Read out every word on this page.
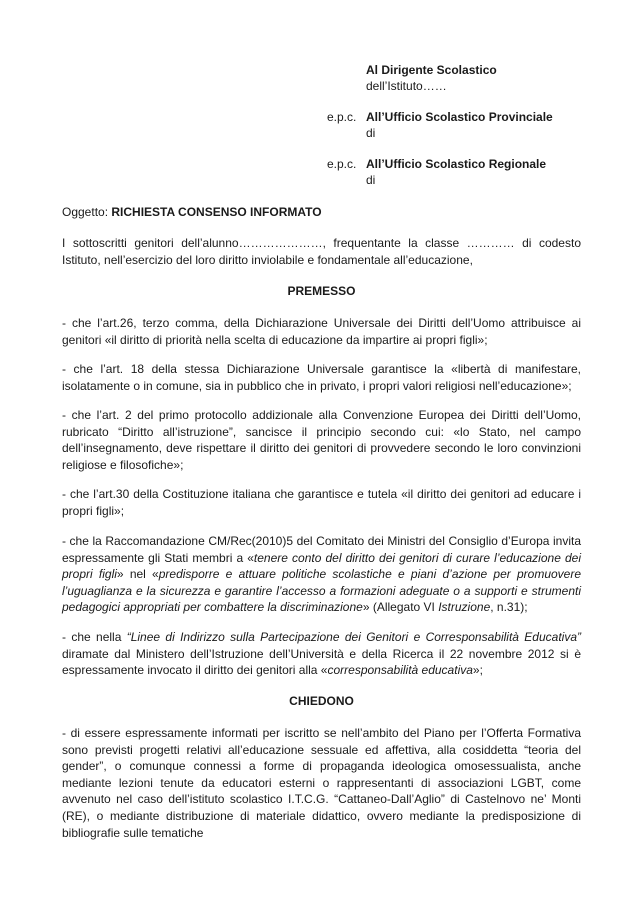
Al Dirigente Scolastico
dell’Istituto……
e.p.c. All’Ufficio Scolastico Provinciale
di
e.p.c. All’Ufficio Scolastico Regionale
di
Oggetto: RICHIESTA CONSENSO INFORMATO
I sottoscritti genitori dell’alunno…………………, frequentante la classe ………… di codesto Istituto, nell’esercizio del loro diritto inviolabile e fondamentale all’educazione,
PREMESSO
- che l’art.26, terzo comma, della Dichiarazione Universale dei Diritti dell’Uomo attribuisce ai genitori «il diritto di priorità nella scelta di educazione da impartire ai propri figli»;
- che l’art. 18 della stessa Dichiarazione Universale garantisce la «libertà di manifestare, isolatamente o in comune, sia in pubblico che in privato, i propri valori religiosi nell’educazione»;
- che l’art. 2 del primo protocollo addizionale alla Convenzione Europea dei Diritti dell’Uomo, rubricato “Diritto all’istruzione”, sancisce il principio secondo cui: «lo Stato, nel campo dell’insegnamento, deve rispettare il diritto dei genitori di provvedere secondo le loro convinzioni religiose e filosofiche»;
- che l’art.30 della Costituzione italiana che garantisce e tutela «il diritto dei genitori ad educare i propri figli»;
- che la Raccomandazione CM/Rec(2010)5 del Comitato dei Ministri del Consiglio d’Europa invita espressamente gli Stati membri a «tenere conto del diritto dei genitori di curare l’educazione dei propri figli» nel «predisporre e attuare politiche scolastiche e piani d’azione per promuovere l’uguaglianza e la sicurezza e garantire l’accesso a formazioni adeguate o a supporti e strumenti pedagogici appropriati per combattere la discriminazione» (Allegato VI Istruzione, n.31);
- che nella “Linee di Indirizzo sulla Partecipazione dei Genitori e Corresponsabilità Educativa” diramate dal Ministero dell’Istruzione dell’Università e della Ricerca il 22 novembre 2012 si è espressamente invocato il diritto dei genitori alla «corresponsabilità educativa»;
CHIEDONO
- di essere espressamente informati per iscritto se nell’ambito del Piano per l’Offerta Formativa sono previsti progetti relativi all’educazione sessuale ed affettiva, alla cosiddetta “teoria del gender”, o comunque connessi a forme di propaganda ideologica omosessualista, anche mediante lezioni tenute da educatori esterni o rappresentanti di associazioni LGBT, come avvenuto nel caso dell’istituto scolastico I.T.C.G. “Cattaneo-Dall’Aglio” di Castelnovo ne’ Monti (RE), o mediante distribuzione di materiale didattico, ovvero mediante la predisposizione di bibliografie sulle tematiche
